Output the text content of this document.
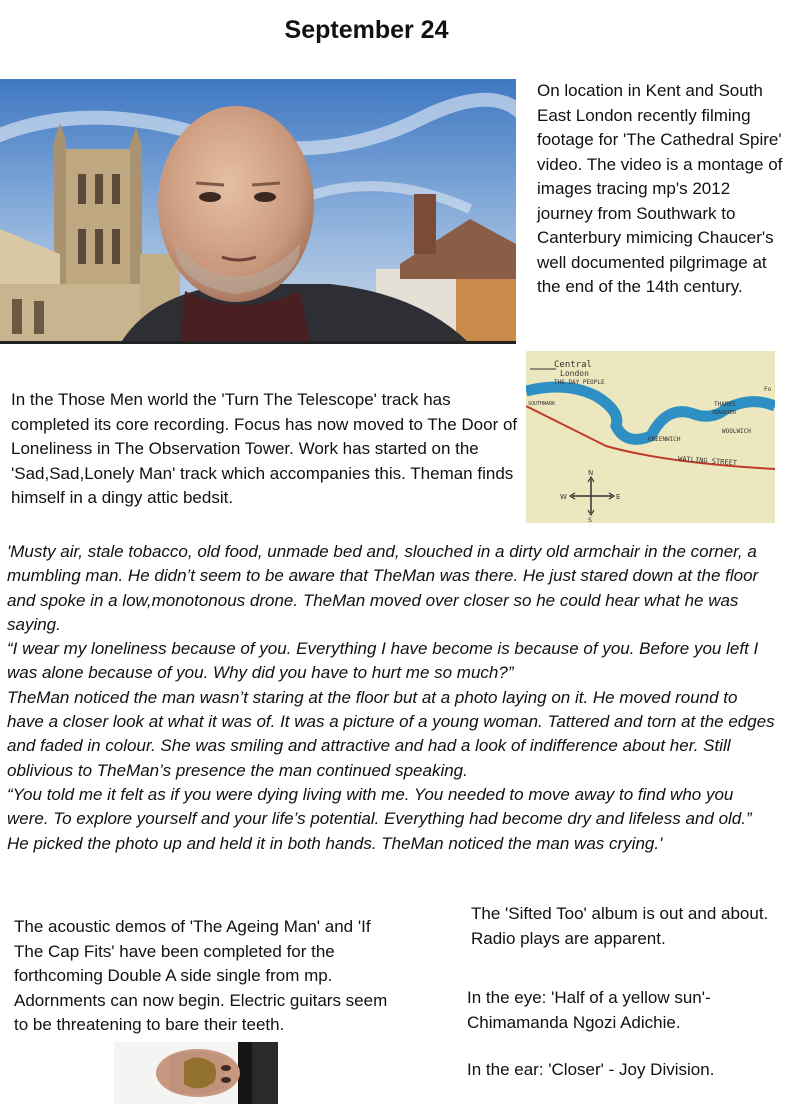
September 24

On location in Kent and South East London recently filming footage for 'The Cathedral Spire' video. The video is a montage of images tracing mp's 2012 journey from Southwark to Canterbury mimicing Chaucer's well documented pilgrimage at the end of the 14th century.

In the Those Men world the 'Turn The Telescope' track has completed its core recording. Focus has now moved to The Door of Loneliness in The Observation Tower. Work has started on the 'Sad,Sad,Lonely Man' track which accompanies this. Theman finds himself in a dingy attic bedsit.

Central
London
THE DAY PEOPLE
SOUTHWARK	THAMES
XBARRIER
GREENWICH
WOOLWICH
WATLING STREET
Fo
N
S
W	E

'Musty air, stale tobacco, old food, unmade bed and, slouched in a dirty old armchair in the corner, a mumbling man. He didn’t seem to be aware that TheMan was there. He just stared down at the floor and spoke in a low,monotonous drone. TheMan moved over closer so he could hear what he was saying.

“I wear my loneliness because of you. Everything I have become is because of you. Before you left I was alone because of you. Why did you have to hurt me so much?”

TheMan noticed the man wasn’t staring at the floor but at a photo laying on it. He moved round to have a closer look at what it was of. It was a picture of a young woman. Tattered and torn at the edges and faded in colour. She was smiling and attractive and had a look of indifference about her. Still oblivious to TheMan’s presence the man continued speaking.

“You told me it felt as if you were dying living with me. You needed to move away to find who you were. To explore yourself and your life’s potential. Everything had become dry and lifeless and old.”

He picked the photo up and held it in both hands. TheMan noticed the man was crying.'

The acoustic demos of 'The Ageing Man' and 'If The Cap Fits' have been completed for the forthcoming Double A side single from mp. Adornments can now begin. Electric guitars seem to be threatening to bare their teeth.

The 'Sifted Too' album is out and about. Radio plays are apparent.

In the eye: 'Half of a yellow sun'- Chimamanda Ngozi Adichie.

In the ear: 'Closer' - Joy Division.
